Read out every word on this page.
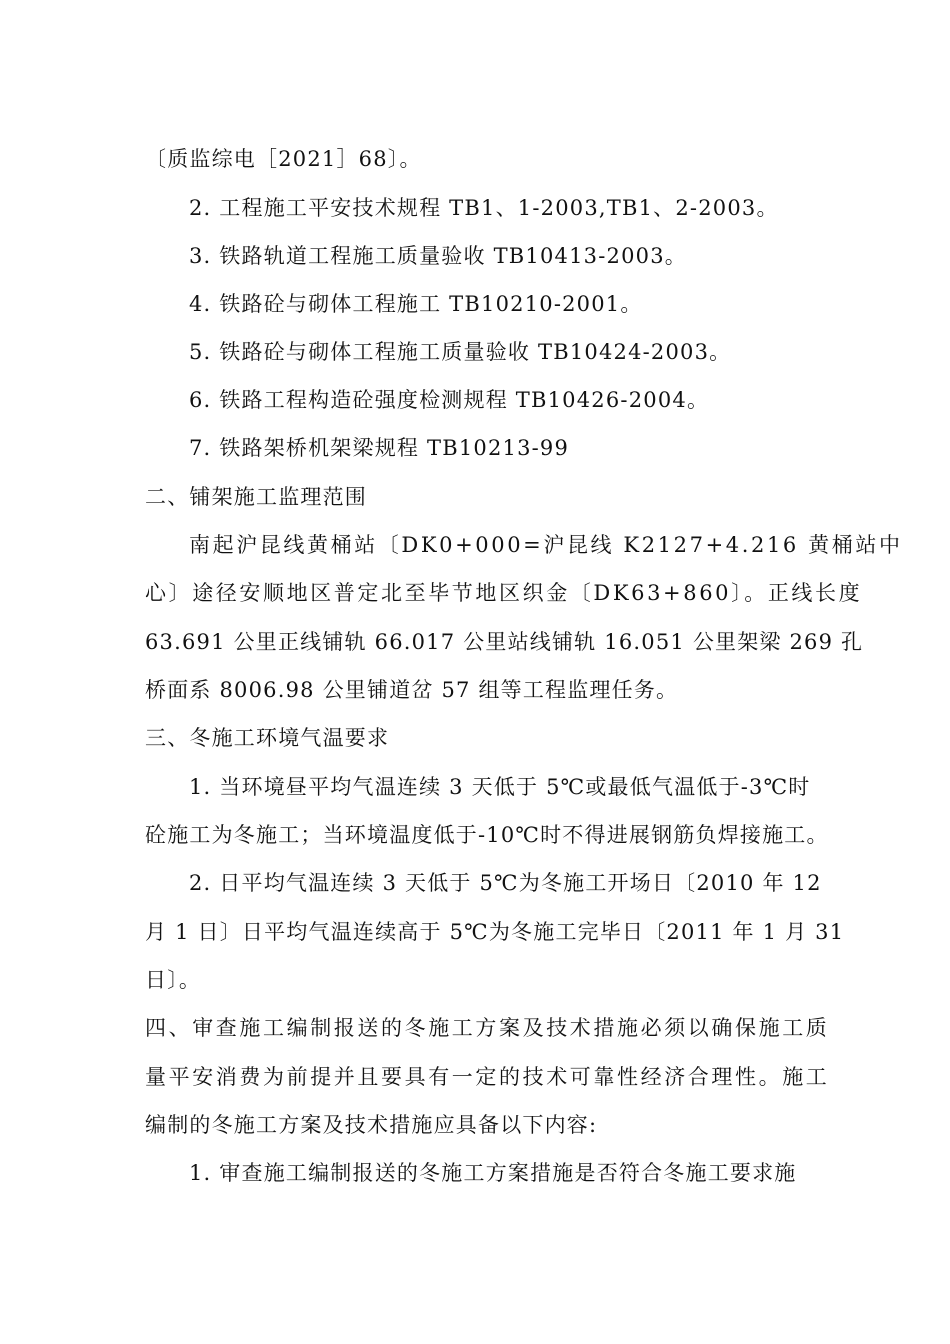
〔质监综电［2021］68〕。
2. 工程施工平安技术规程 TB1、1-2003,TB1、2-2003。
3. 铁路轨道工程施工质量验收 TB10413-2003。
4. 铁路砼与砌体工程施工 TB10210-2001。
5. 铁路砼与砌体工程施工质量验收 TB10424-2003。
6. 铁路工程构造砼强度检测规程 TB10426-2004。
7. 铁路架桥机架梁规程 TB10213-99
二、铺架施工监理范围
南起沪昆线黄桶站〔DK0+000=沪昆线 K2127+4.216 黄桶站中
心〕途径安顺地区普定北至毕节地区织金〔DK63+860〕。正线长度
63.691 公里正线铺轨 66.017 公里站线铺轨 16.051 公里架梁 269 孔
桥面系 8006.98 公里铺道岔 57 组等工程监理任务。
三、冬施工环境气温要求
1. 当环境昼平均气温连续 3 天低于 5℃或最低气温低于-3℃时
砼施工为冬施工；当环境温度低于-10℃时不得进展钢筋负焊接施工。
2. 日平均气温连续 3 天低于 5℃为冬施工开场日〔2010 年 12
月 1 日〕日平均气温连续高于 5℃为冬施工完毕日〔2011 年 1 月 31
日〕。
四、审查施工编制报送的冬施工方案及技术措施必须以确保施工质
量平安消费为前提并且要具有一定的技术可靠性经济合理性。施工
编制的冬施工方案及技术措施应具备以下内容:
1. 审查施工编制报送的冬施工方案措施是否符合冬施工要求施
